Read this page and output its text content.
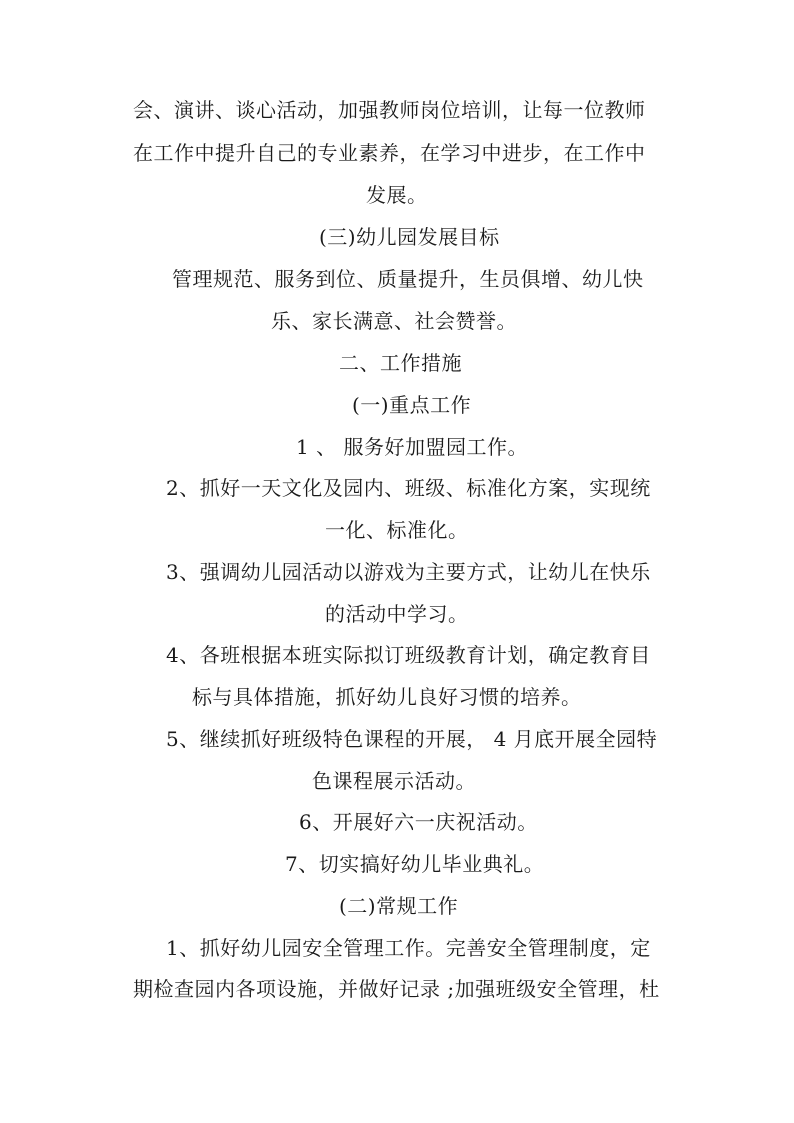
会、演讲、谈心活动，加强教师岗位培训，让每一位教师
在工作中提升自己的专业素养，在学习中进步，在工作中
发展。
(三)幼儿园发展目标
管理规范、服务到位、质量提升，生员俱增、幼儿快
乐、家长满意、社会赞誉。
二、工作措施
(一)重点工作
1 、 服务好加盟园工作。
2、抓好一天文化及园内、班级、标准化方案，实现统
一化、标准化。
3、强调幼儿园活动以游戏为主要方式，让幼儿在快乐
的活动中学习。
4、各班根据本班实际拟订班级教育计划，确定教育目
标与具体措施，抓好幼儿良好习惯的培养。
5、继续抓好班级特色课程的开展， 4 月底开展全园特
色课程展示活动。
6、开展好六一庆祝活动。
7、切实搞好幼儿毕业典礼。
(二)常规工作
1、抓好幼儿园安全管理工作。完善安全管理制度，定
期检查园内各项设施，并做好记录 ;加强班级安全管理，杜
